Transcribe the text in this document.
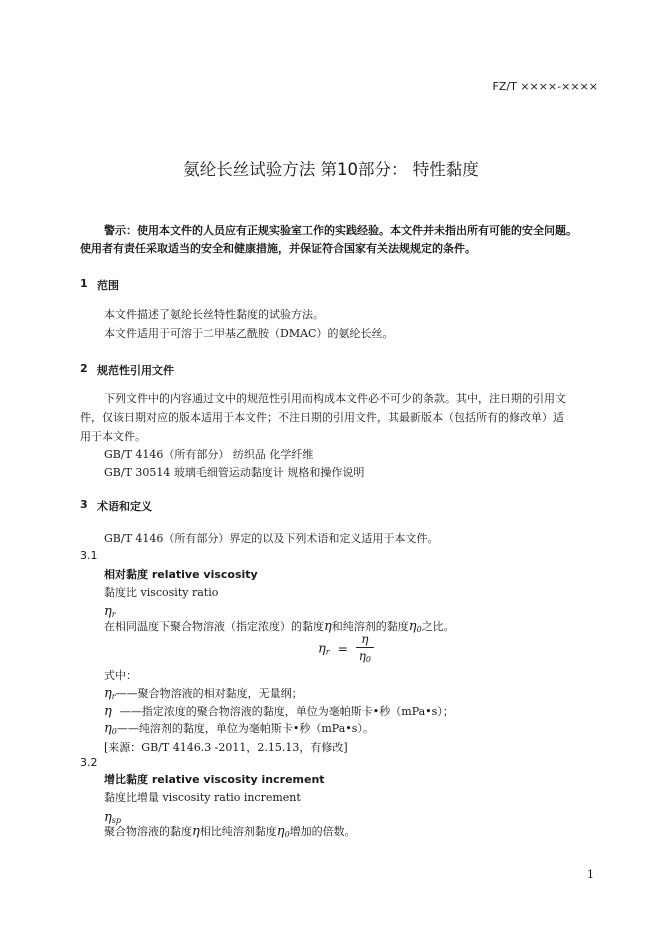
FZ/T ××××-××××
氨纶长丝试验方法 第10部分： 特性黏度
警示：使用本文件的人员应有正规实验室工作的实践经验。本文件并未指出所有可能的安全问题。
使用者有责任采取适当的安全和健康措施，并保证符合国家有关法规规定的条件。
1 范围
本文件描述了氨纶长丝特性黏度的试验方法。
本文件适用于可溶于二甲基乙酰胺（DMAC）的氨纶长丝。
2 规范性引用文件
下列文件中的内容通过文中的规范性引用而构成本文件必不可少的条款。其中，注日期的引用文
件，仅该日期对应的版本适用于本文件；不注日期的引用文件，其最新版本（包括所有的修改单）适
用于本文件。
GB/T 4146（所有部分） 纺织品 化学纤维
GB/T 30514 玻璃毛细管运动黏度计 规格和操作说明
3 术语和定义
GB/T 4146（所有部分）界定的以及下列术语和定义适用于本文件。
3.1
相对黏度 relative viscosity
黏度比 viscosity ratio
$\eta_r$
在相同温度下聚合物溶液（指定浓度）的黏度η和纯溶剂的黏度$\eta_0$之比。
$\eta_r = \frac{\eta}{\eta_0}$
式中：
$\eta_r——$聚合物溶液的相对黏度，无量纲；
η ——指定浓度的聚合物溶液的黏度，单位为毫帕斯卡•秒（mPa•s）；
$\eta_0——$纯溶剂的黏度，单位为毫帕斯卡•秒（mPa•s）。
[来源：GB/T 4146.3 -2011，2.15.13，有修改]
3.2
增比黏度 relative viscosity increment
黏度比增量 viscosity ratio increment
$\eta_{sp}$
聚合物溶液的黏度η相比纯溶剂黏度$\eta_0$增加的倍数。
1
